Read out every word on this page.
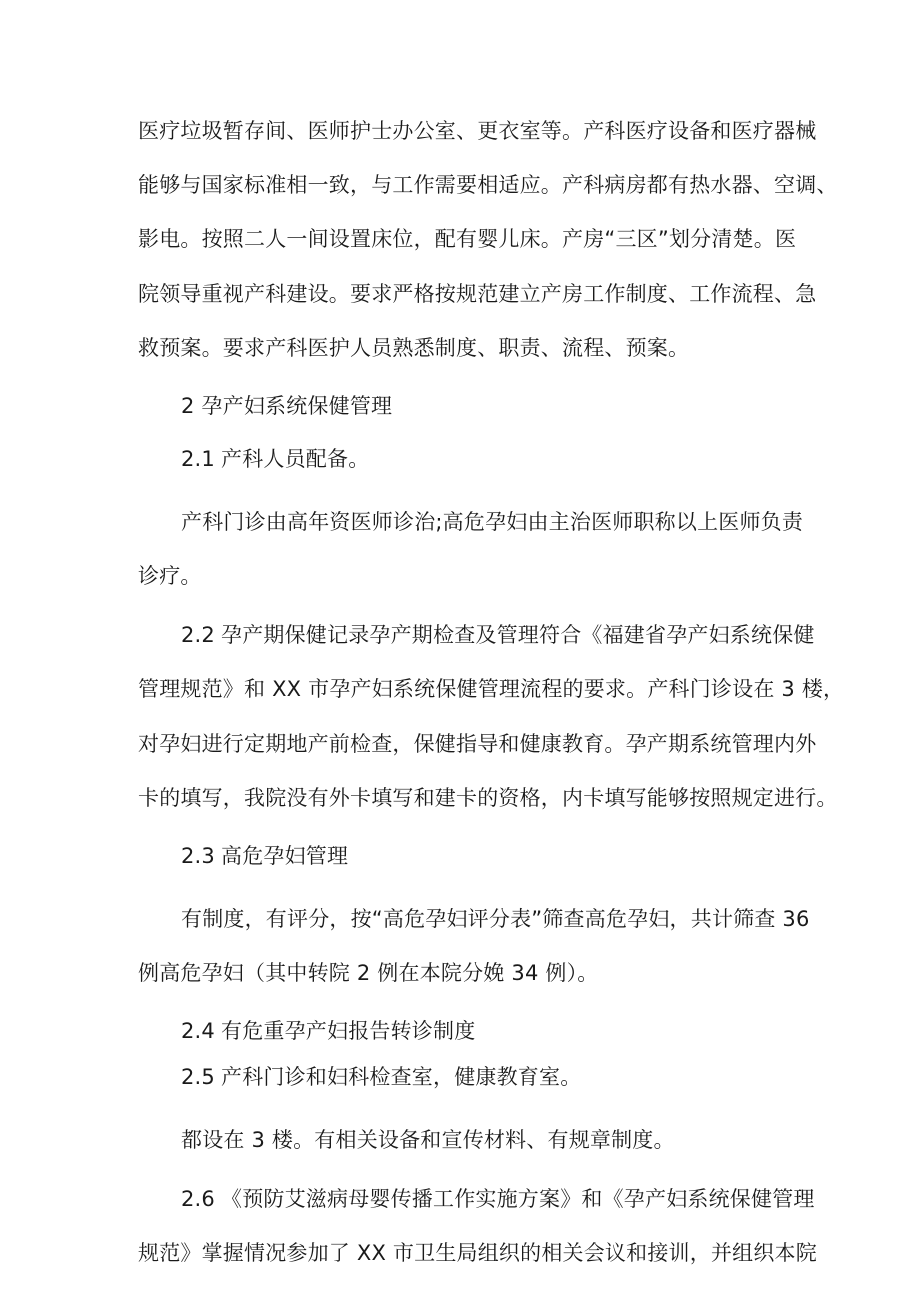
医疗垃圾暂存间、医师护士办公室、更衣室等。产科医疗设备和医疗器械
能够与国家标准相一致，与工作需要相适应。产科病房都有热水器、空调、
影电。按照二人一间设置床位，配有婴儿床。产房“三区”划分清楚。医
院领导重视产科建设。要求严格按规范建立产房工作制度、工作流程、急
救预案。要求产科医护人员熟悉制度、职责、流程、预案。
2 孕产妇系统保健管理
2.1 产科人员配备。
产科门诊由高年资医师诊治;高危孕妇由主治医师职称以上医师负责
诊疗。
2.2 孕产期保健记录孕产期检查及管理符合《福建省孕产妇系统保健
管理规范》和 XX 市孕产妇系统保健管理流程的要求。产科门诊设在 3 楼，
对孕妇进行定期地产前检查，保健指导和健康教育。孕产期系统管理内外
卡的填写，我院没有外卡填写和建卡的资格，内卡填写能够按照规定进行。
2.3 高危孕妇管理
有制度，有评分，按“高危孕妇评分表”筛查高危孕妇，共计筛查 36
例高危孕妇（其中转院 2 例在本院分娩 34 例）。
2.4 有危重孕产妇报告转诊制度
2.5 产科门诊和妇科检查室，健康教育室。
都设在 3 楼。有相关设备和宣传材料、有规章制度。
2.6 《预防艾滋病母婴传播工作实施方案》和《孕产妇系统保健管理
规范》掌握情况参加了 XX 市卫生局组织的相关会议和接训，并组织本院
